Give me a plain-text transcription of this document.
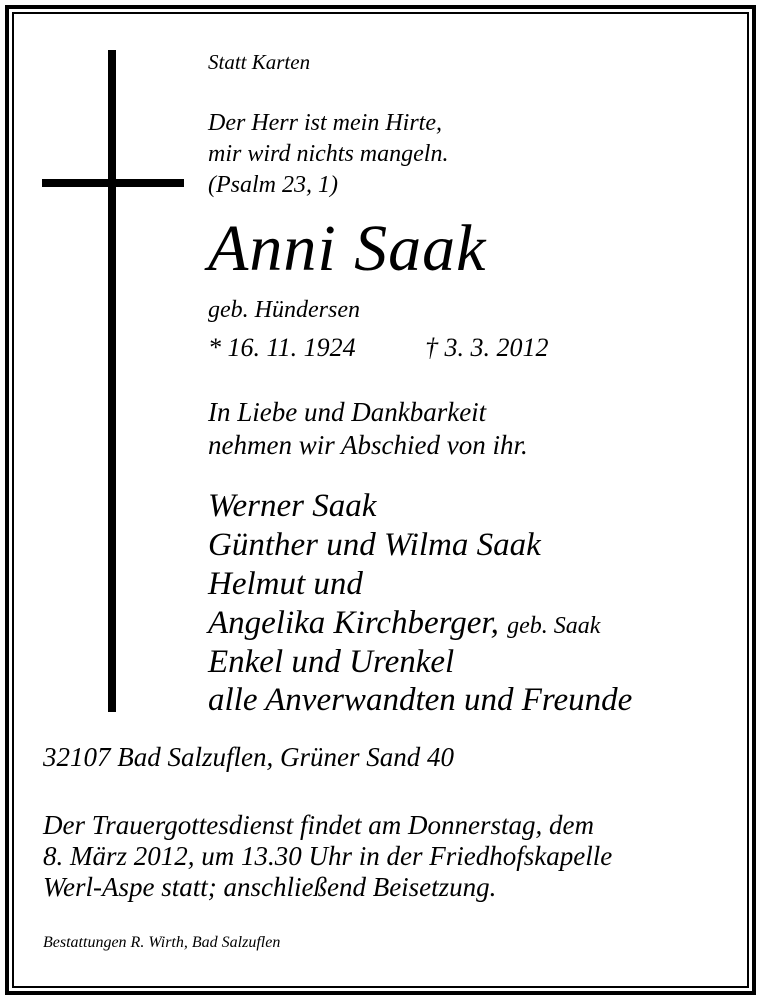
Statt Karten

Der Herr ist mein Hirte,

mir wird nichts mangeln.

(Psalm 23, 1)

Anni Saak

geb. Hündersen

* 16. 11. 1924	† 3. 3. 2012

In Liebe und Dankbarkeit

nehmen wir Abschied von ihr.

Werner Saak

Günther und Wilma Saak

Helmut und

Angelika Kirchberger, geb. Saak

Enkel und Urenkel

alle Anverwandten und Freunde

32107 Bad Salzuflen, Grüner Sand 40

Der Trauergottesdienst findet am Donnerstag, dem

8. März 2012, um 13.30 Uhr in der Friedhofskapelle

Werl-Aspe statt; anschließend Beisetzung.

Bestattungen R. Wirth, Bad Salzuflen
